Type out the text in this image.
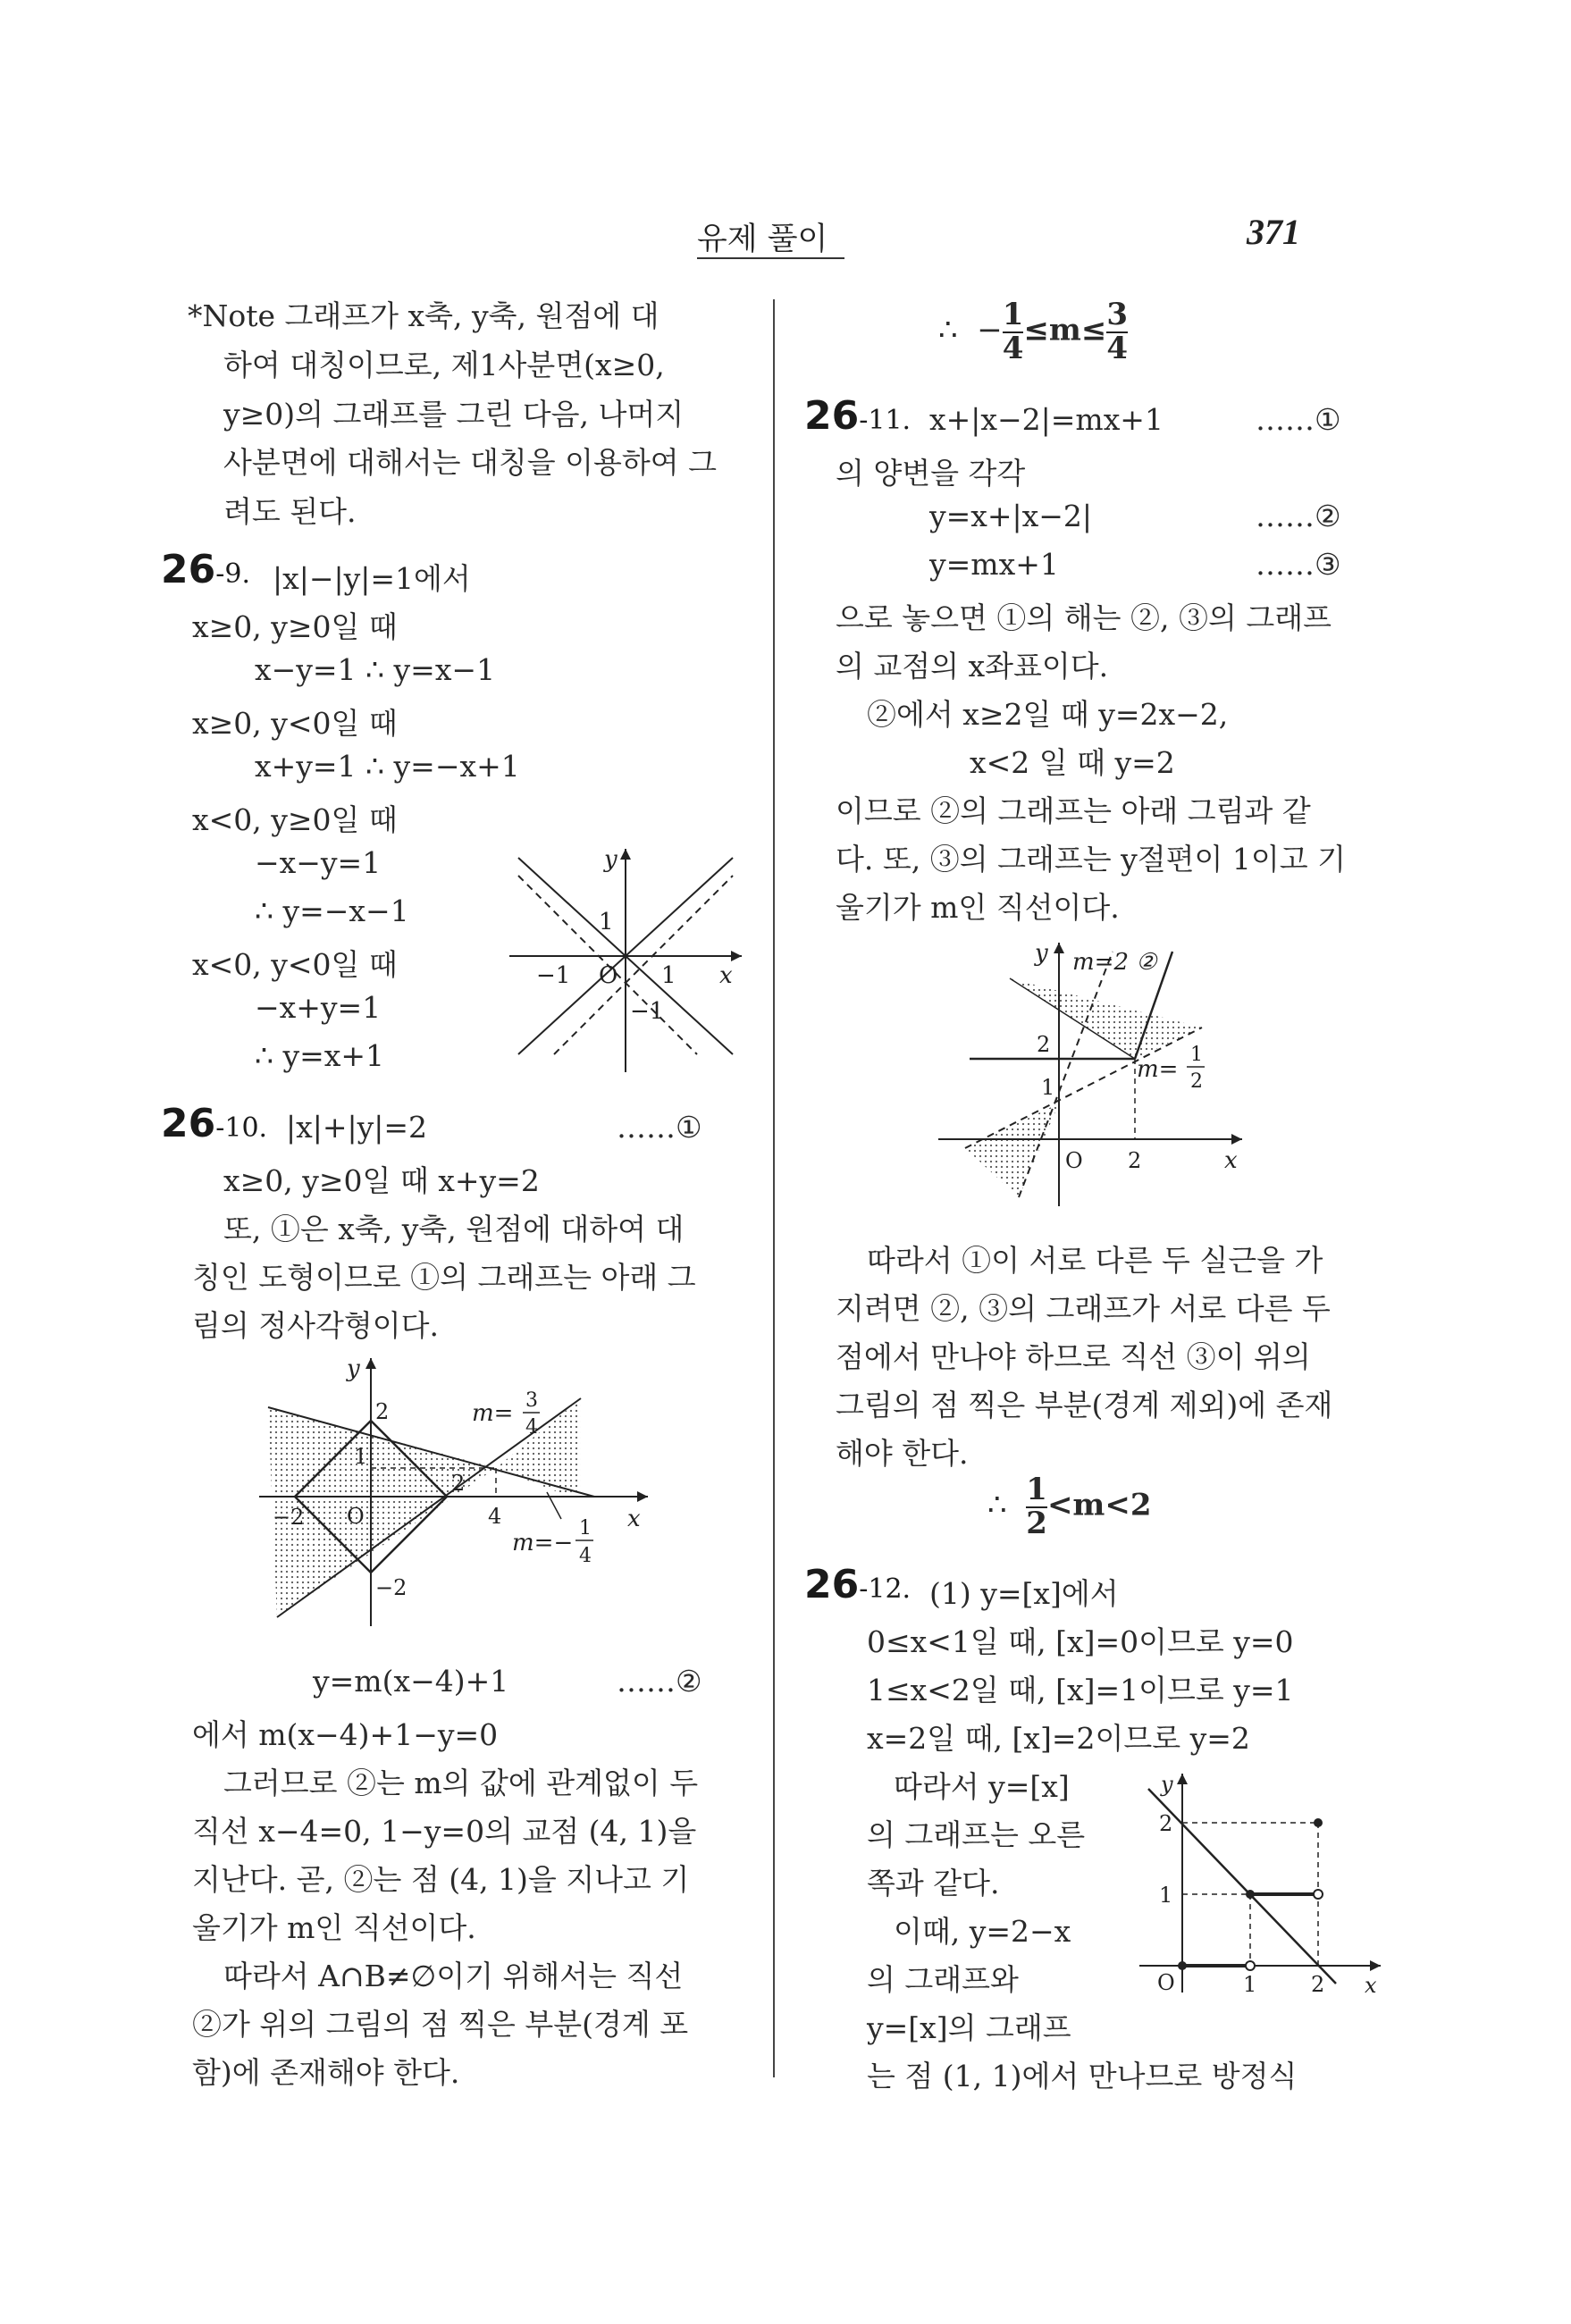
유제 풀이	371
*Note 그래프가 x축, y축, 원점에 대
하여 대칭이므로, 제1사분면(x≥0,
y≥0)의 그래프를 그린 다음, 나머지
사분면에 대해서는 대칭을 이용하여 그
려도 된다.
26-9. |x|−|y|=1에서
x≥0, y≥0일 때
x−y=1 ∴ y=x−1
x≥0, y<0일 때
x+y=1 ∴ y=−x+1
x<0, y≥0일 때
−x−y=1
∴ y=−x−1
x<0, y<0일 때
−x+y=1
∴ y=x+1
y
x
O
1
−1	1
−1
26-10. |x|+|y|=2	……①
x≥0, y≥0일 때 x+y=2
또, ①은 x축, y축, 원점에 대하여 대
칭인 도형이므로 ①의 그래프는 아래 그
림의 정사각형이다.
y
x
O
2
1
2
−2	4
−2
m= 3
4
m=−
1
4
y=m(x−4)+1	……②
에서 m(x−4)+1−y=0
그러므로 ②는 m의 값에 관계없이 두
직선 x−4=0, 1−y=0의 교점 (4, 1)을
지난다. 곧, ②는 점 (4, 1)을 지나고 기
울기가 m인 직선이다.
따라서 A∩B≠∅이기 위해서는 직선
②가 위의 그림의 점 찍은 부분(경계 포
함)에 존재해야 한다.
∴ − $\frac{1}{4} \le m\le \frac{3}{4}$
26-11. x+|x−2|=mx+1	……①
의 양변을 각각
y=x+|x−2|	……②
y=mx+1	……③
으로 놓으면 ①의 해는 ②, ③의 그래프
의 교점의 x좌표이다.
②에서 x≥2일 때 y=2x−2,
x<2 일 때 y=2
이므로 ②의 그래프는 아래 그림과 같
다. 또, ③의 그래프는 y절편이 1이고 기
울기가 m인 직선이다.
y
x
O
2
1
2
m=2 ②
m=
1
2
따라서 ①이 서로 다른 두 실근을 가
지려면 ②, ③의 그래프가 서로 다른 두
점에서 만나야 하므로 직선 ③이 위의
그림의 점 찍은 부분(경계 제외)에 존재
해야 한다.
∴ $\frac{1}{2} <m<2$
26-12. (1) y=[x]에서
0≤x<1일 때, [x]=0이므로 y=0
1≤x<2일 때, [x]=1이므로 y=1
x=2일 때, [x]=2이므로 y=2
따라서 y=[x]
의 그래프는 오른
쪽과 같다.
이때, y=2−x
의 그래프와
y=[x]의 그래프
는 점 (1, 1)에서 만나므로 방정식
y
x
O
2
1
1	2
